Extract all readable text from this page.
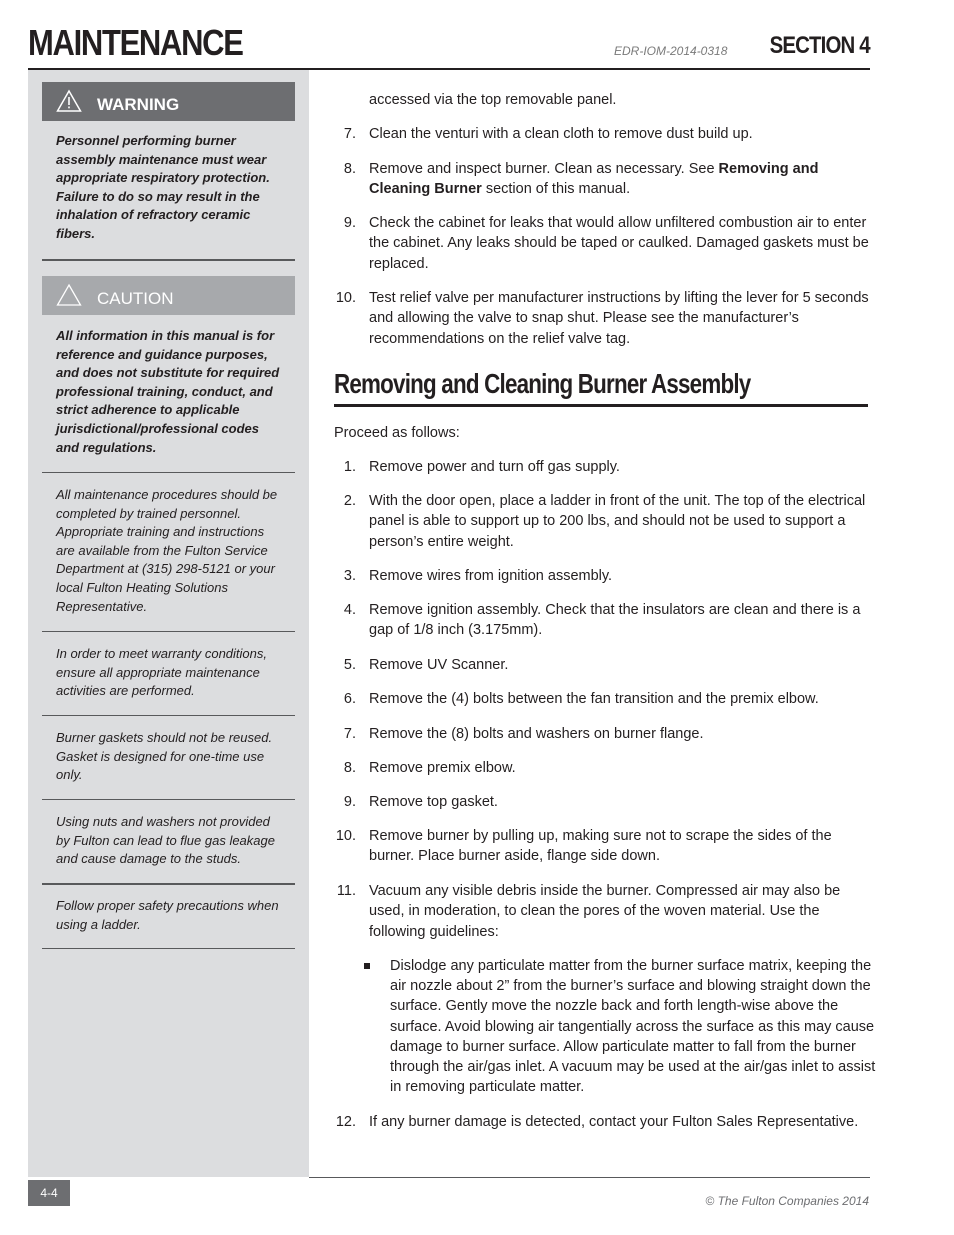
MAINTENANCE	EDR-IOM-2014-0318 SECTION 4
WARNING
Personnel performing burner assembly maintenance must wear appropriate respiratory protection. Failure to do so may result in the inhalation of refractory ceramic fibers.
CAUTION
All information in this manual is for reference and guidance purposes, and does not substitute for required professional training, conduct, and strict adherence to applicable jurisdictional/professional codes and regulations.
All maintenance procedures should be completed by trained personnel. Appropriate training and instructions are available from the Fulton Service Department at (315) 298-5121 or your local Fulton Heating Solutions Representative.
In order to meet warranty conditions, ensure all appropriate maintenance activities are performed.
Burner gaskets should not be reused. Gasket is designed for one-time use only.
Using nuts and washers not provided by Fulton can lead to flue gas leakage and cause damage to the studs.
Follow proper safety precautions when using a ladder.
accessed via the top removable panel.
7. Clean the venturi with a clean cloth to remove dust build up.
8. Remove and inspect burner. Clean as necessary. See Removing and Cleaning Burner section of this manual.
9. Check the cabinet for leaks that would allow unfiltered combustion air to enter the cabinet. Any leaks should be taped or caulked. Damaged gaskets must be replaced.
10. Test relief valve per manufacturer instructions by lifting the lever for 5 seconds and allowing the valve to snap shut. Please see the manufacturer’s recommendations on the relief valve tag.
Removing and Cleaning Burner Assembly
Proceed as follows:
1. Remove power and turn off gas supply.
2. With the door open, place a ladder in front of the unit. The top of the electrical panel is able to support up to 200 lbs, and should not be used to support a person’s entire weight.
3. Remove wires from ignition assembly.
4. Remove ignition assembly. Check that the insulators are clean and there is a gap of 1/8 inch (3.175mm).
5. Remove UV Scanner.
6. Remove the (4) bolts between the fan transition and the premix elbow.
7. Remove the (8) bolts and washers on burner flange.
8. Remove premix elbow.
9. Remove top gasket.
10. Remove burner by pulling up, making sure not to scrape the sides of the burner. Place burner aside, flange side down.
11. Vacuum any visible debris inside the burner. Compressed air may also be used, in moderation, to clean the pores of the woven material. Use the following guidelines:
Dislodge any particulate matter from the burner surface matrix, keeping the air nozzle about 2” from the burner’s surface and blowing straight down the surface. Gently move the nozzle back and forth length-wise above the surface. Avoid blowing air tangentially across the surface as this may cause damage to burner surface. Allow particulate matter to fall from the burner through the air/gas inlet. A vacuum may be used at the air/gas inlet to assist in removing particulate matter.
12. If any burner damage is detected, contact your Fulton Sales Representative.
4-4
© The Fulton Companies 2014
